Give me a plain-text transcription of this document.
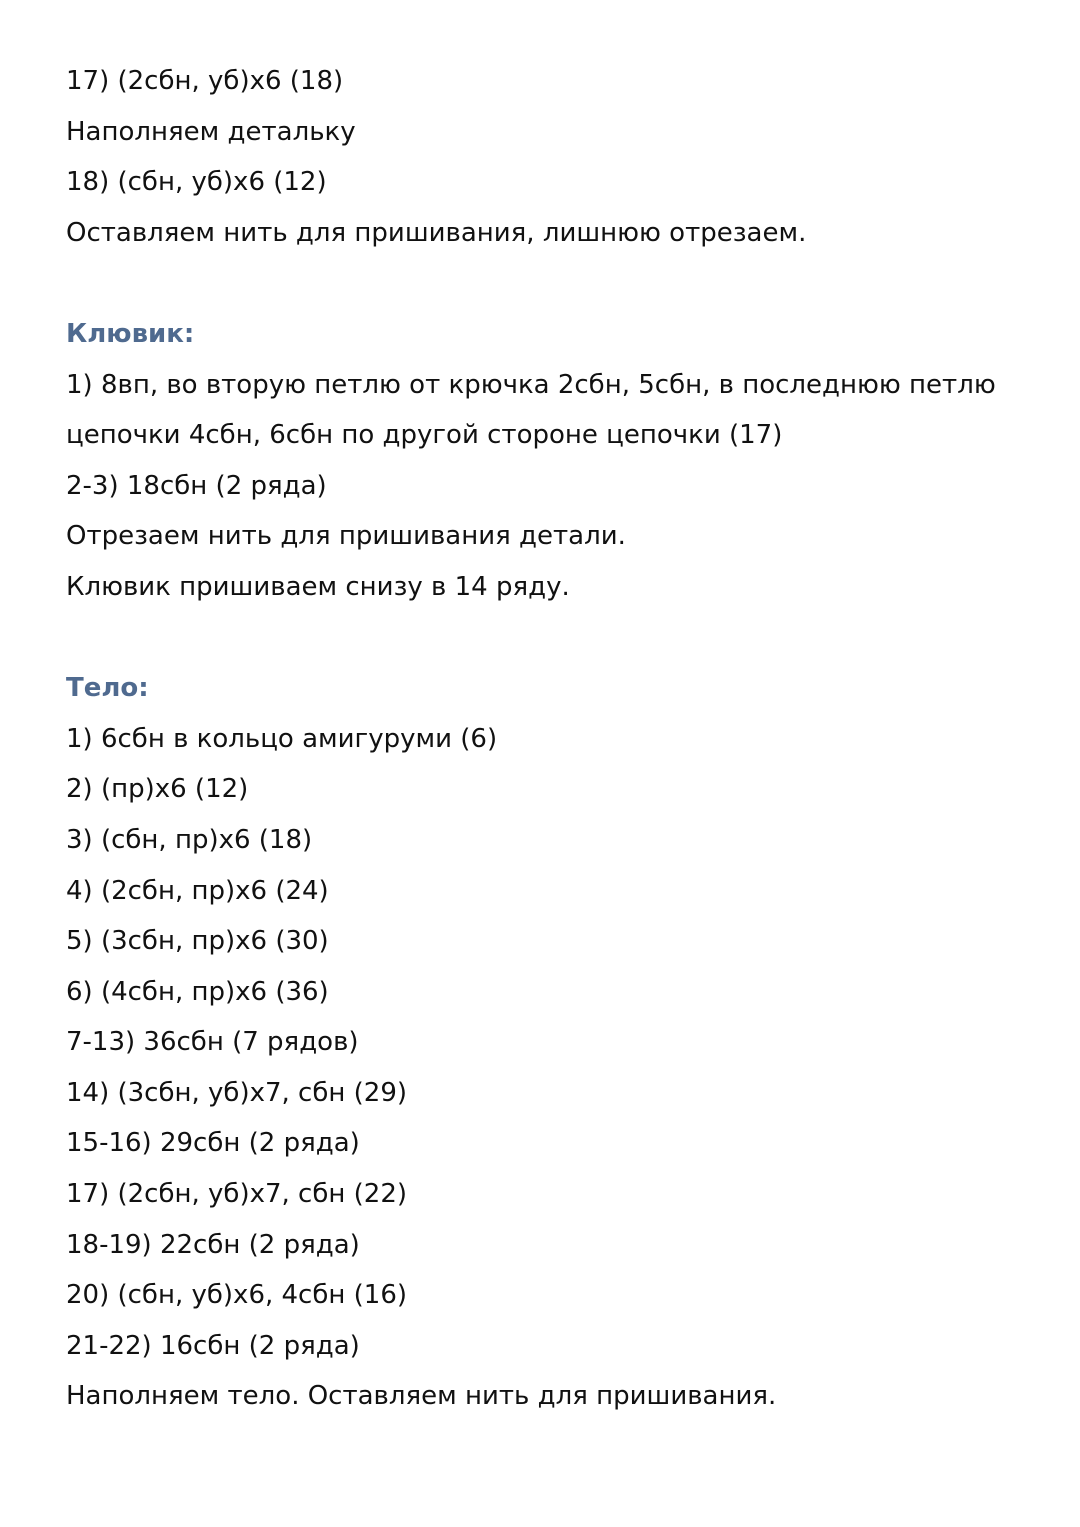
17) (2сбн, уб)х6 (18)

Наполняем детальку

18) (сбн, уб)х6 (12)

Оставляем нить для пришивания, лишнюю отрезаем.

Клювик:

1) 8вп, во вторую петлю от крючка 2сбн, 5сбн, в последнюю петлю

цепочки 4сбн, 6сбн по другой стороне цепочки (17)

2-3) 18сбн (2 ряда)

Отрезаем нить для пришивания детали.

Клювик пришиваем снизу в 14 ряду.

Тело:

1) 6сбн в кольцо амигуруми (6)

2) (пр)х6 (12)

3) (сбн, пр)х6 (18)

4) (2сбн, пр)х6 (24)

5) (3сбн, пр)х6 (30)

6) (4сбн, пр)х6 (36)

7-13) 36сбн (7 рядов)

14) (3сбн, уб)х7, сбн (29)

15-16) 29сбн (2 ряда)

17) (2сбн, уб)х7, сбн (22)

18-19) 22сбн (2 ряда)

20) (сбн, уб)х6, 4сбн (16)

21-22) 16сбн (2 ряда)

Наполняем тело. Оставляем нить для пришивания.
